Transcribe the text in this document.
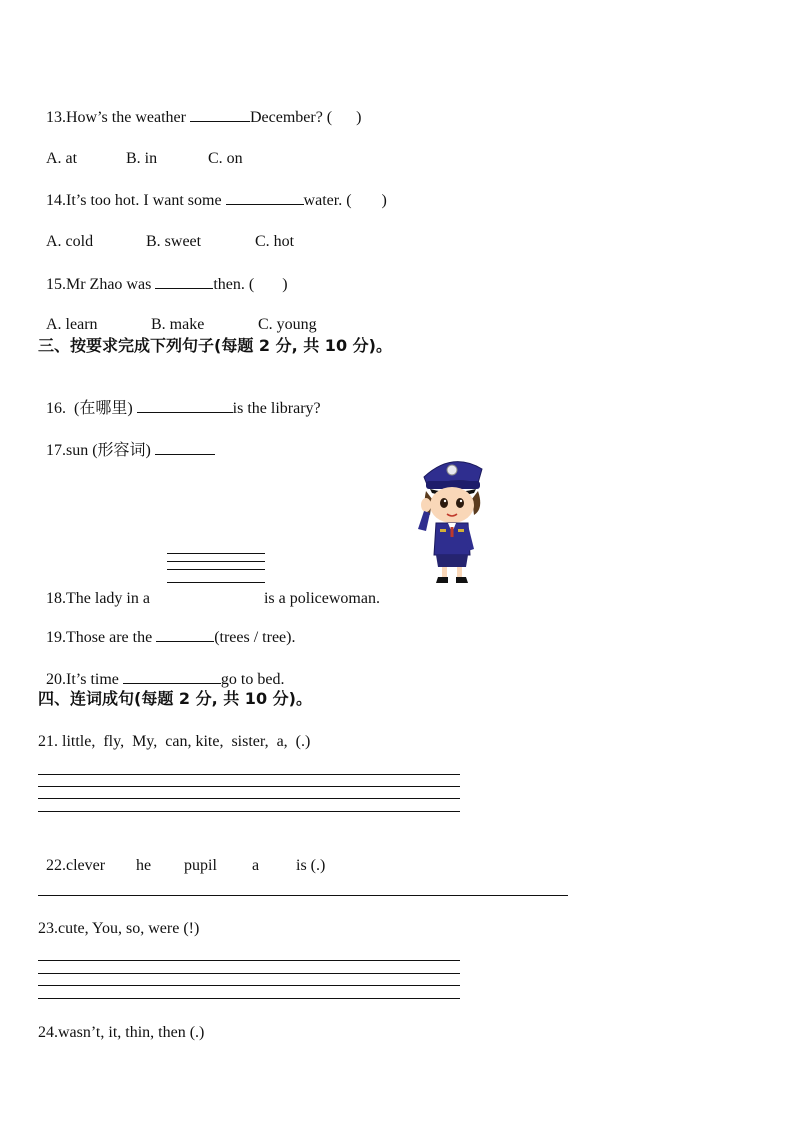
13.How’s the weather	December? ( )

A. at	B. in	C. on

14.It’s too hot. I want some	water. ( )

A. cold	B. sweet	C. hot

15.Mr Zhao was	then. ( )

A. learn	B. make	C. young

三、按要求完成下列句子(每题 2 分, 共 10 分)。

16.  (在哪里)	is the library?

17.sun (形容词)

18.The lady in a	is a policewoman.

19.Those are the	(trees / tree).

20.It’s time	go to bed.

四、连词成句(每题 2 分, 共 10 分)。
21. little,  fly,  My,  can, kite,  sister,  a,  (.)

22.clever he pupil a is (.)

23.cute, You, so, were (!)
24.wasn’t, it, thin, then (.)
